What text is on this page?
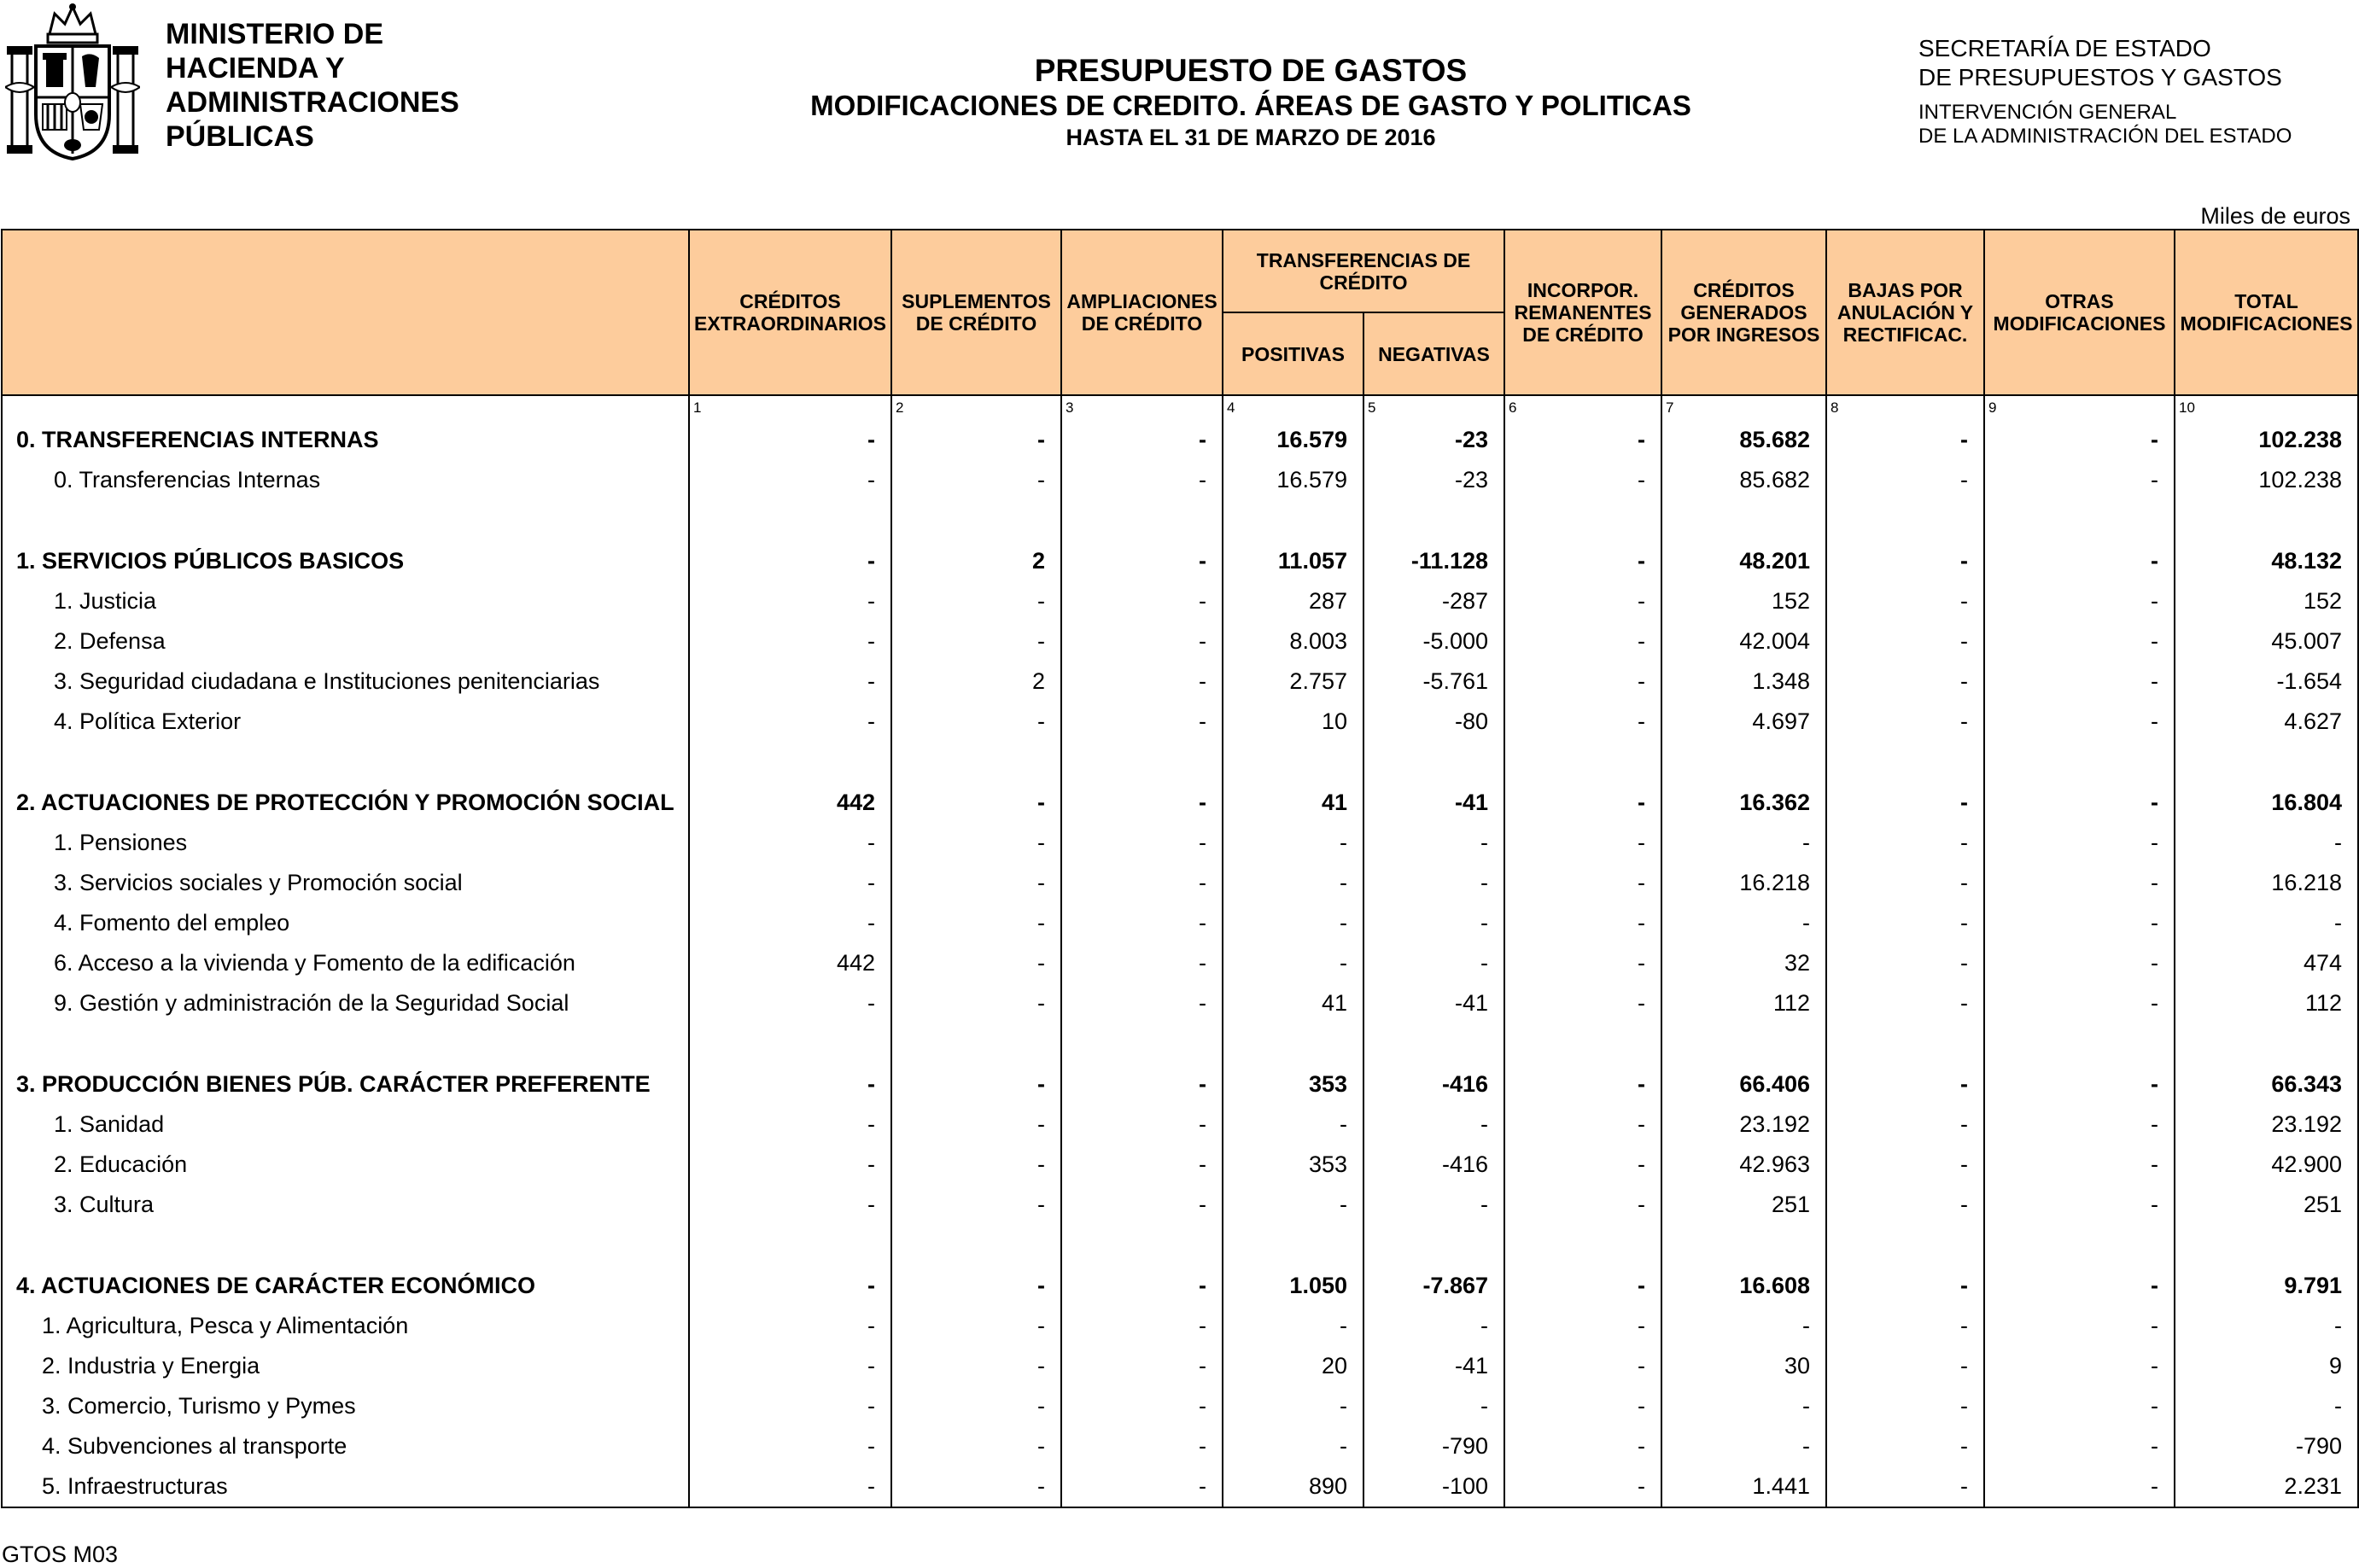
MINISTERIO DE
HACIENDA Y
ADMINISTRACIONES
PÚBLICAS
PRESUPUESTO DE GASTOS
MODIFICACIONES DE CREDITO. ÁREAS DE GASTO Y POLITICAS
HASTA EL 31 DE MARZO DE 2016
SECRETARÍA DE ESTADO
DE PRESUPUESTOS Y GASTOS
INTERVENCIÓN GENERAL
DE LA ADMINISTRACIÓN DEL ESTADO
Miles de euros
	CRÉDITOS EXTRAORDINARIOS	SUPLEMENTOS DE CRÉDITO	AMPLIACIONES DE CRÉDITO	TRANSFERENCIAS DE CRÉDITO		INCORPOR. REMANENTES DE CRÉDITO	CRÉDITOS GENERADOS POR INGRESOS	BAJAS POR ANULACIÓN Y RECTIFICAC.	OTRAS MODIFICACIONES	TOTAL MODIFICACIONES
				POSITIVAS	NEGATIVAS					
	1	2	3	4	5	6	7	8	9	10
0. TRANSFERENCIAS INTERNAS	-	-	-	16.579	-23	-	85.682	-	-	102.238
0. Transferencias Internas	-	-	-	16.579	-23	-	85.682	-	-	102.238

1. SERVICIOS PÚBLICOS BASICOS	-	2	-	11.057	-11.128	-	48.201	-	-	48.132
1. Justicia	-	-	-	287	-287	-	152	-	-	152
2. Defensa	-	-	-	8.003	-5.000	-	42.004	-	-	45.007
3. Seguridad ciudadana e Instituciones penitenciarias	-	2	-	2.757	-5.761	-	1.348	-	-	-1.654
4. Política Exterior	-	-	-	10	-80	-	4.697	-	-	4.627

2. ACTUACIONES DE PROTECCIÓN Y PROMOCIÓN SOCIAL	442	-	-	41	-41	-	16.362	-	-	16.804
1. Pensiones	-	-	-	-	-	-	-	-	-	-
3. Servicios sociales y Promoción social	-	-	-	-	-	-	16.218	-	-	16.218
4. Fomento del empleo	-	-	-	-	-	-	-	-	-	-
6. Acceso a la vivienda y Fomento de la edificación	442	-	-	-	-	-	32	-	-	474
9. Gestión y administración de la Seguridad Social	-	-	-	41	-41	-	112	-	-	112

3. PRODUCCIÓN BIENES PÚB. CARÁCTER PREFERENTE	-	-	-	353	-416	-	66.406	-	-	66.343
1. Sanidad	-	-	-	-	-	-	23.192	-	-	23.192
2. Educación	-	-	-	353	-416	-	42.963	-	-	42.900
3. Cultura	-	-	-	-	-	-	251	-	-	251

4. ACTUACIONES DE CARÁCTER ECONÓMICO	-	-	-	1.050	-7.867	-	16.608	-	-	9.791
1. Agricultura, Pesca y Alimentación	-	-	-	-	-	-	-	-	-	-
2. Industria y Energia	-	-	-	20	-41	-	30	-	-	9
3. Comercio, Turismo y Pymes	-	-	-	-	-	-	-	-	-	-
4. Subvenciones al transporte	-	-	-	-	-790	-	-	-	-	-790
5. Infraestructuras	-	-	-	890	-100	-	1.441	-	-	2.231
GTOS M03
